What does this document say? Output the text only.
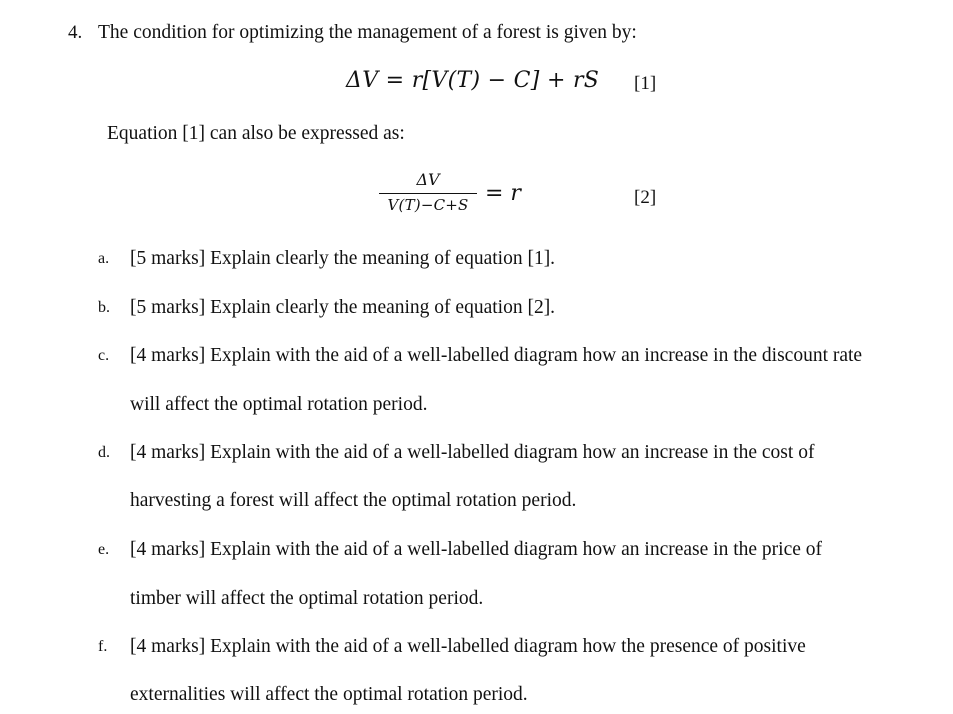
4. The condition for optimizing the management of a forest is given by:
ΔV = r[V(T) − C] + rS [1]
Equation [1] can also be expressed as:
ΔV
V(T)−C+S = r	[2]
a. [5 marks] Explain clearly the meaning of equation [1].
b. [5 marks] Explain clearly the meaning of equation [2].
c. [4 marks] Explain with the aid of a well-labelled diagram how an increase in the discount rate
will affect the optimal rotation period.
d. [4 marks] Explain with the aid of a well-labelled diagram how an increase in the cost of
harvesting a forest will affect the optimal rotation period.
e. [4 marks] Explain with the aid of a well-labelled diagram how an increase in the price of
timber will affect the optimal rotation period.
f. [4 marks] Explain with the aid of a well-labelled diagram how the presence of positive
externalities will affect the optimal rotation period.
